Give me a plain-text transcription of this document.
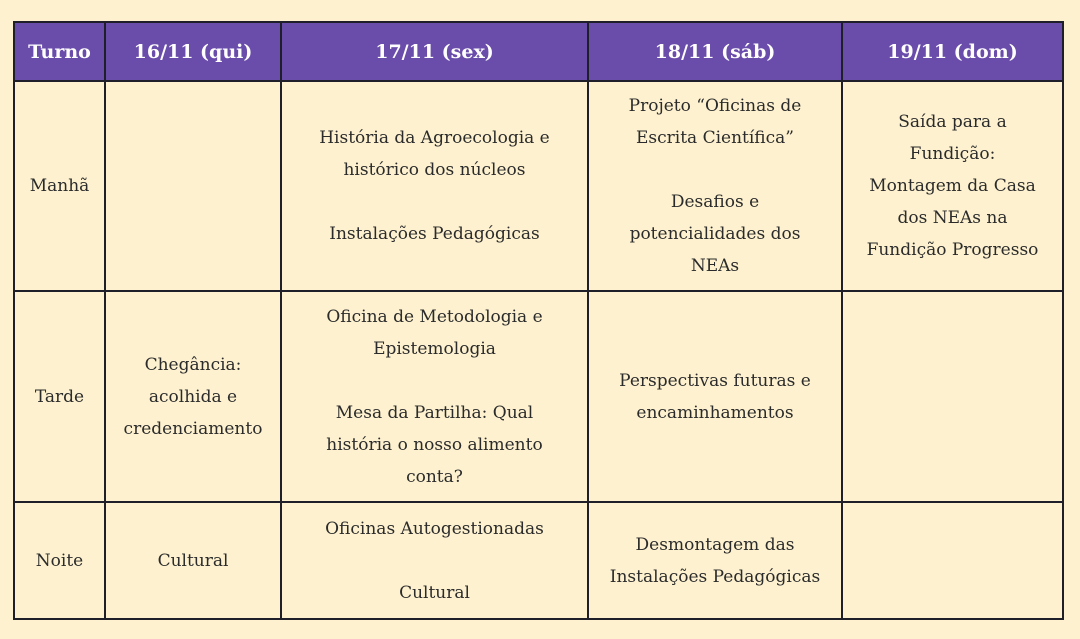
Turno	16/11 (qui)	17/11 (sex)	18/11 (sáb)	19/11 (dom)
Manhã		História da Agroecologia e
histórico dos núcleos

Instalações Pedagógicas	Projeto “Oficinas de
Escrita Científica”

Desafios e
potencialidades dos
NEAs	Saída para a
Fundição:
Montagem da Casa
dos NEAs na
Fundição Progresso
Tarde	Chegância:
acolhida e
credenciamento	Oficina de Metodologia e
Epistemologia

Mesa da Partilha: Qual
história o nosso alimento
conta?	Perspectivas futuras e
encaminhamentos	
Noite	Cultural	Oficinas Autogestionadas

Cultural	Desmontagem das
Instalações Pedagógicas	
